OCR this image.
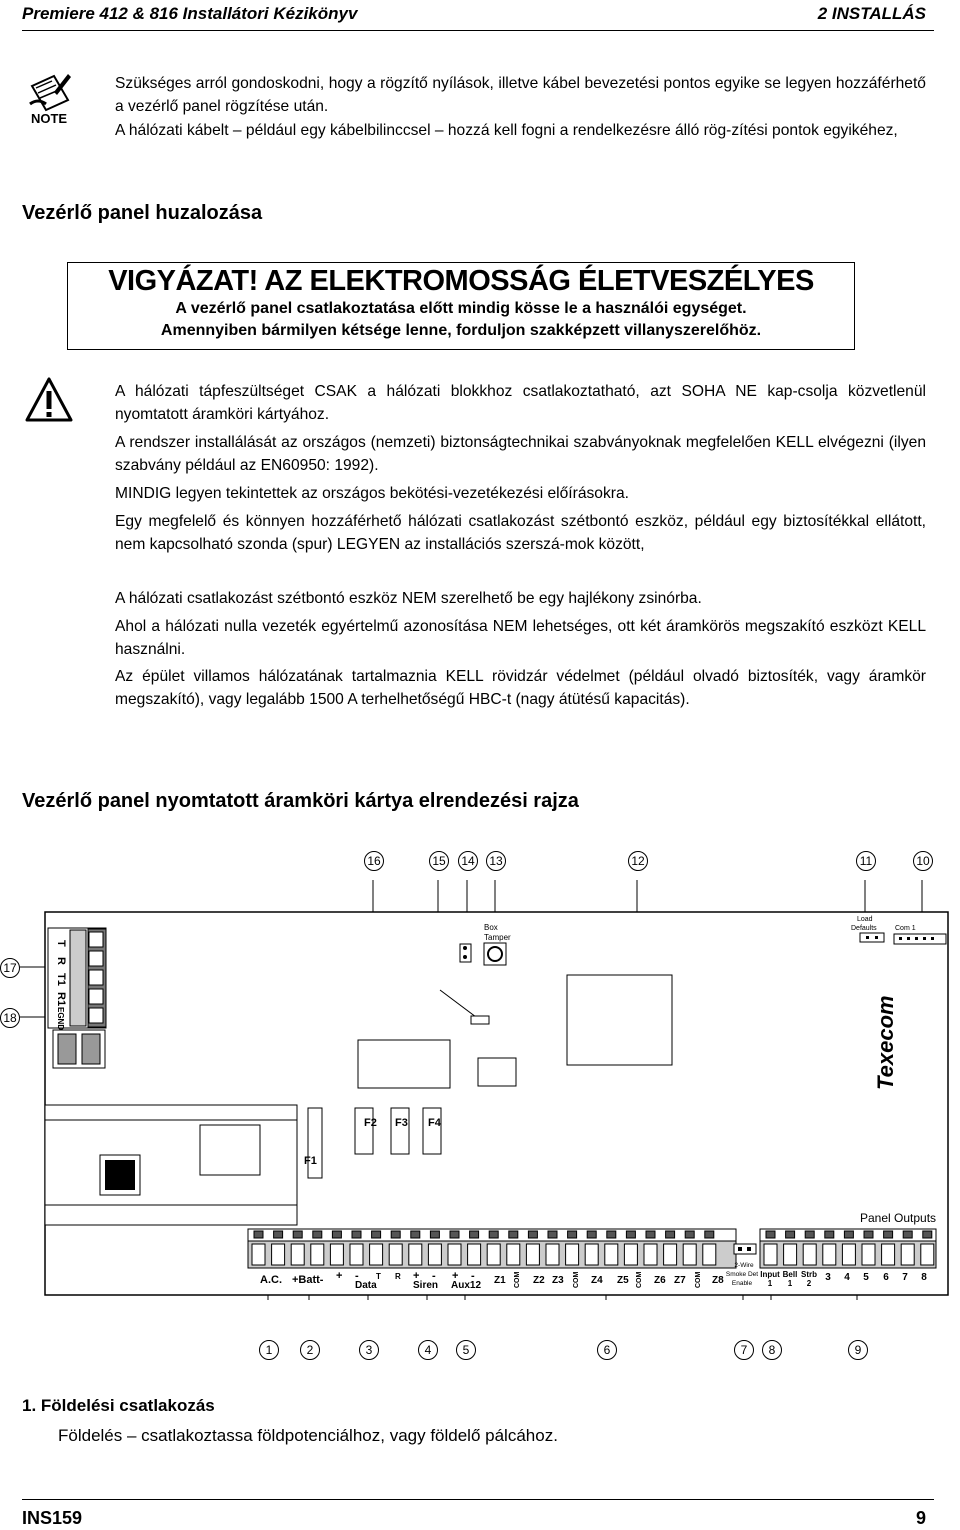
Premiere 412 & 816 Installátori Kézikönyv	2 INSTALLÁS
NOTE
Szükséges arról gondoskodni, hogy a rögzítő nyílások, illetve kábel bevezetési pontos egyike se legyen hozzáférhető a vezérlő panel rögzítése után.
A hálózati kábelt – például egy kábelbilinccsel – hozzá kell fogni a rendelkezésre álló rög-zítési pontok egyikéhez,
Vezérlő panel huzalozása
VIGYÁZAT! AZ ELEKTROMOSSÁG ÉLETVESZÉLYES
A vezérlő panel csatlakoztatása előtt mindig kösse le a használói egységet.
Amennyiben bármilyen kétsége lenne, forduljon szakképzett villanyszerelőhöz.
A hálózati tápfeszültséget CSAK a hálózati blokkhoz csatlakoztatható, azt SOHA NE kap-csolja közvetlenül nyomtatott áramköri kártyához.
A rendszer installálását az országos (nemzeti) biztonságtechnikai szabványoknak megfelelően KELL elvégezni (ilyen szabvány például az EN60950: 1992).
MINDIG legyen tekintettek az országos bekötési-vezetékezési előírásokra.
Egy megfelelő és könnyen hozzáférhető hálózati csatlakozást szétbontó eszköz, például egy biztosítékkal ellátott, nem kapcsolható szonda (spur) LEGYEN az installációs szerszá-mok között,
A hálózati csatlakozást szétbontó eszköz NEM szerelhető be egy hajlékony zsinórba.
Ahol a hálózati nulla vezeték egyértelmű azonosítása NEM lehetséges, ott két áramkörös megszakító eszközt KELL használni.
Az épület villamos hálózatának tartalmaznia KELL rövidzár védelmet (például olvadó biztosíték, vagy áramkör megszakító), vagy legalább 1500 A terhelhetőségű HBC-t (nagy átütésű kapacitás).
Vezérlő panel nyomtatott áramköri kártya elrendezési rajza
16	15 14 13	12	11	10
17
18
T
R
T1
R1
EGND
Box
Tamper
Load
Defaults	Com 1
Texecom
F2 F3 F4
F1
Panel Outputs
A.C. +Batt- + -
Data
T R + -
Siren
+ -
Aux12 Z1 COM Z2 Z3 COM Z4 Z5 COM Z6 Z7 COM Z8
2-Wire
Smoke Det
Enable
Input
1
Bell
1
Strb
2
3 4 5 6 7 8
1	2	3	4	5	6	7	8	9
1. Földelési csatlakozás
Földelés – csatlakoztassa földpotenciálhoz, vagy földelő pálcához.
INS159	9
